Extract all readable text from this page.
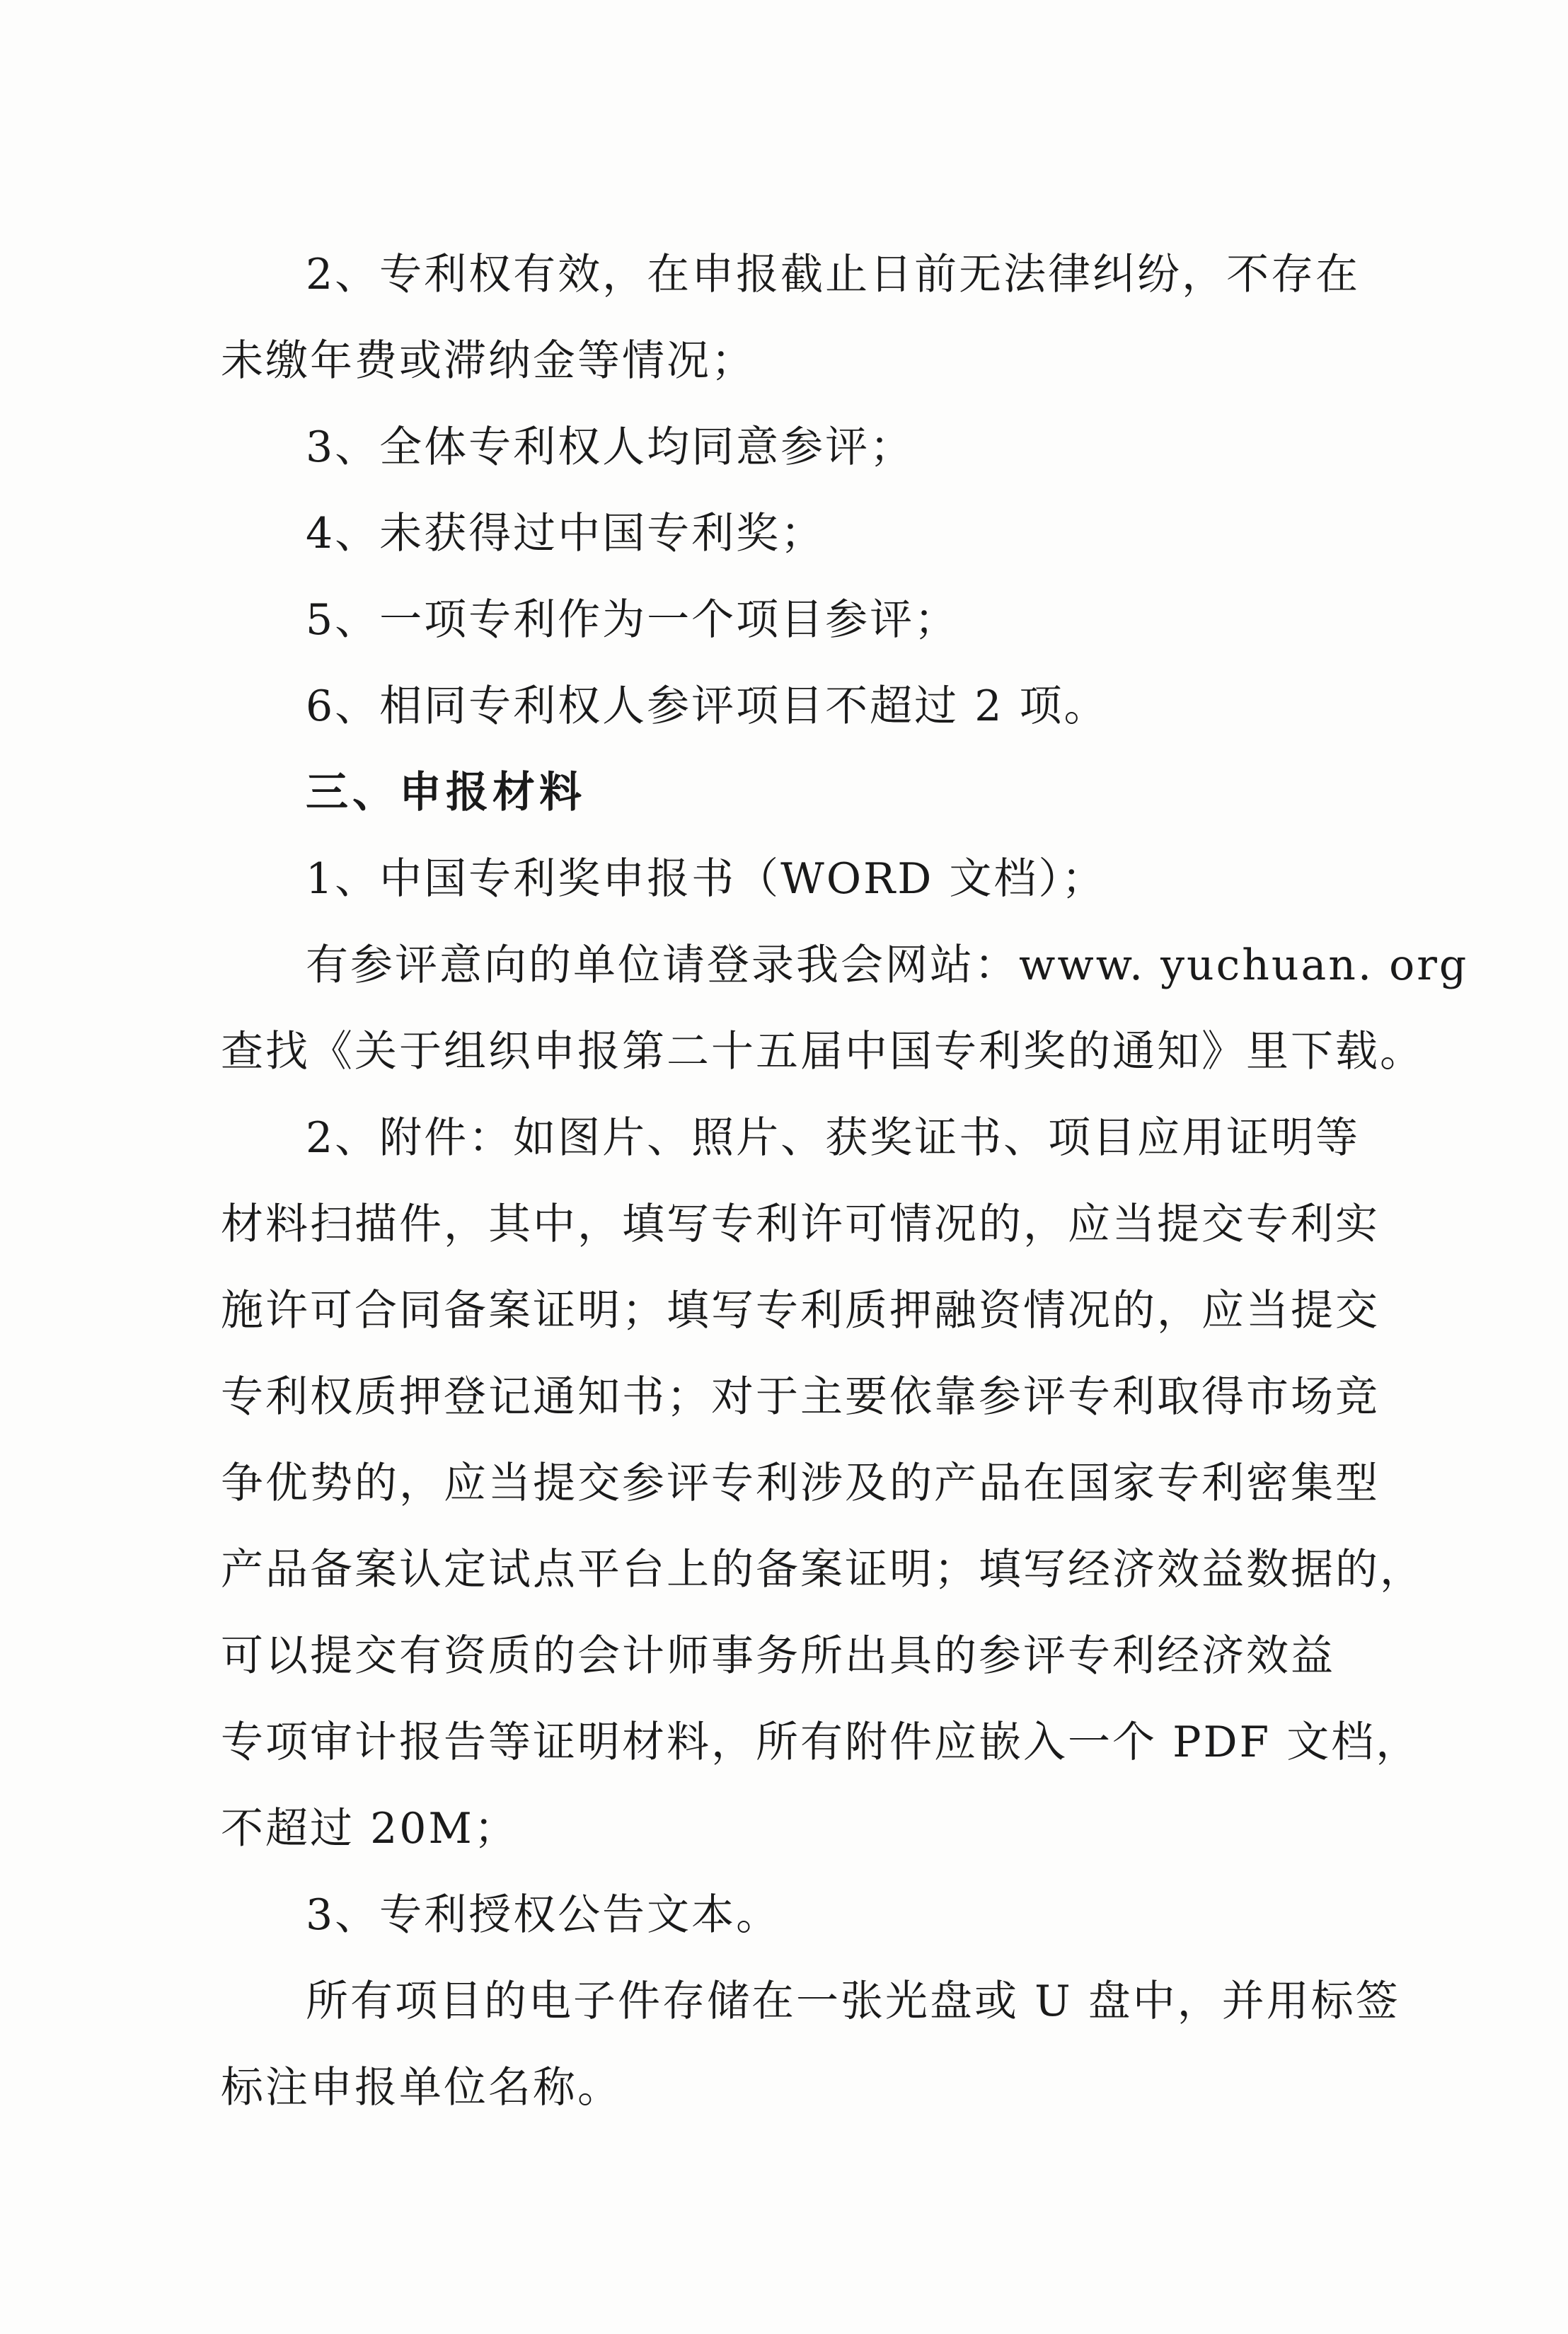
2、专利权有效，在申报截止日前无法律纠纷，不存在
未缴年费或滞纳金等情况；
3、全体专利权人均同意参评；
4、未获得过中国专利奖；
5、一项专利作为一个项目参评；
6、相同专利权人参评项目不超过 2 项。
三、申报材料
1、中国专利奖申报书（WORD 文档）；
有参评意向的单位请登录我会网站：www. yuchuan. org
查找《关于组织申报第二十五届中国专利奖的通知》里下载。
2、附件：如图片、照片、获奖证书、项目应用证明等
材料扫描件，其中，填写专利许可情况的，应当提交专利实
施许可合同备案证明；填写专利质押融资情况的，应当提交
专利权质押登记通知书；对于主要依靠参评专利取得市场竞
争优势的，应当提交参评专利涉及的产品在国家专利密集型
产品备案认定试点平台上的备案证明；填写经济效益数据的，
可以提交有资质的会计师事务所出具的参评专利经济效益
专项审计报告等证明材料，所有附件应嵌入一个 PDF 文档，
不超过 20M；
3、专利授权公告文本。
所有项目的电子件存储在一张光盘或 U 盘中，并用标签
标注申报单位名称。
